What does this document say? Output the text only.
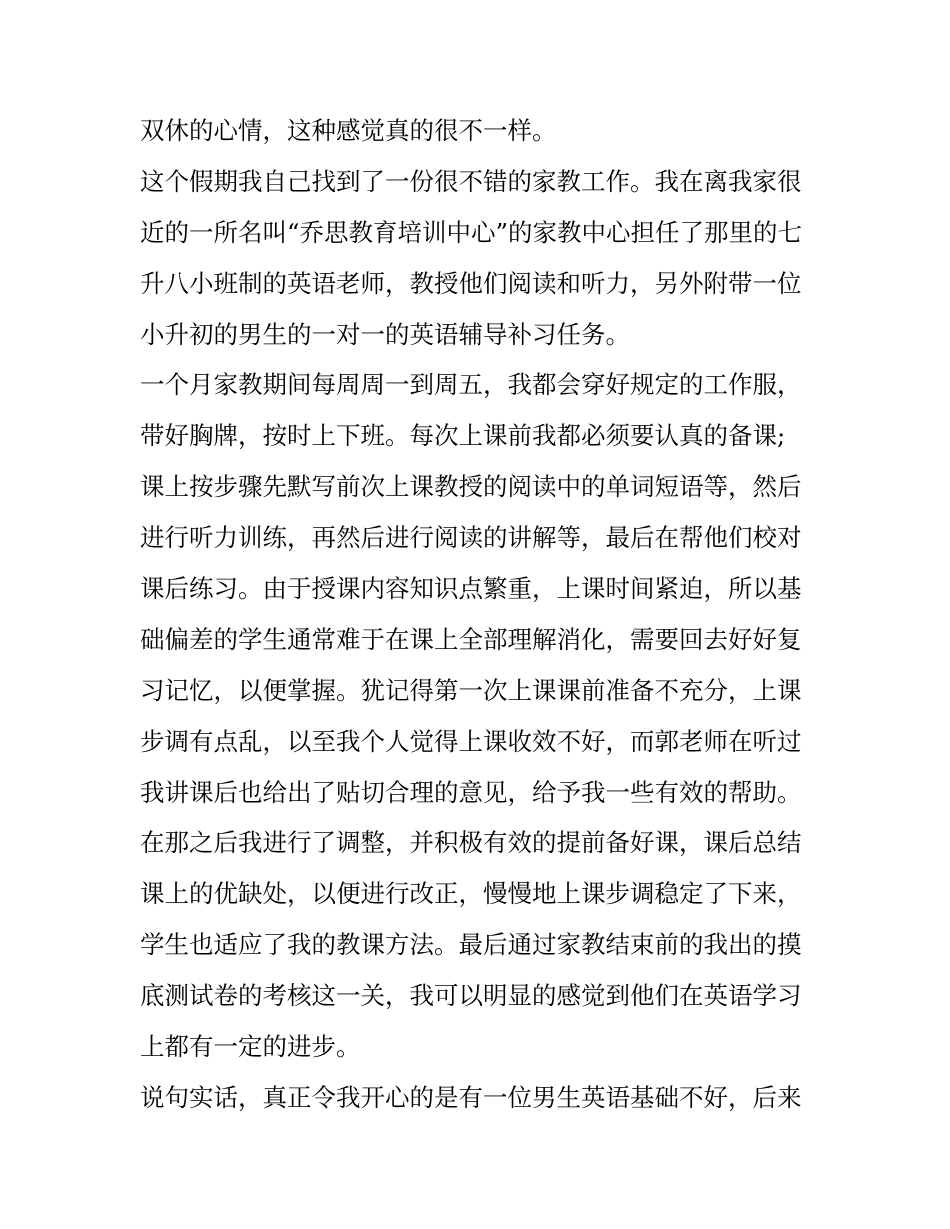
双休的心情，这种感觉真的很不一样。
这个假期我自己找到了一份很不错的家教工作。我在离我家很
近的一所名叫“乔思教育培训中心”的家教中心担任了那里的七
升八小班制的英语老师，教授他们阅读和听力，另外附带一位
小升初的男生的一对一的英语辅导补习任务。
一个月家教期间每周周一到周五，我都会穿好规定的工作服，
带好胸牌，按时上下班。每次上课前我都必须要认真的备课;
课上按步骤先默写前次上课教授的阅读中的单词短语等，然后
进行听力训练，再然后进行阅读的讲解等，最后在帮他们校对
课后练习。由于授课内容知识点繁重，上课时间紧迫，所以基
础偏差的学生通常难于在课上全部理解消化，需要回去好好复
习记忆，以便掌握。犹记得第一次上课课前准备不充分，上课
步调有点乱，以至我个人觉得上课收效不好，而郭老师在听过
我讲课后也给出了贴切合理的意见，给予我一些有效的帮助。
在那之后我进行了调整，并积极有效的提前备好课，课后总结
课上的优缺处，以便进行改正，慢慢地上课步调稳定了下来，
学生也适应了我的教课方法。最后通过家教结束前的我出的摸
底测试卷的考核这一关，我可以明显的感觉到他们在英语学习
上都有一定的进步。
说句实话，真正令我开心的是有一位男生英语基础不好，后来
